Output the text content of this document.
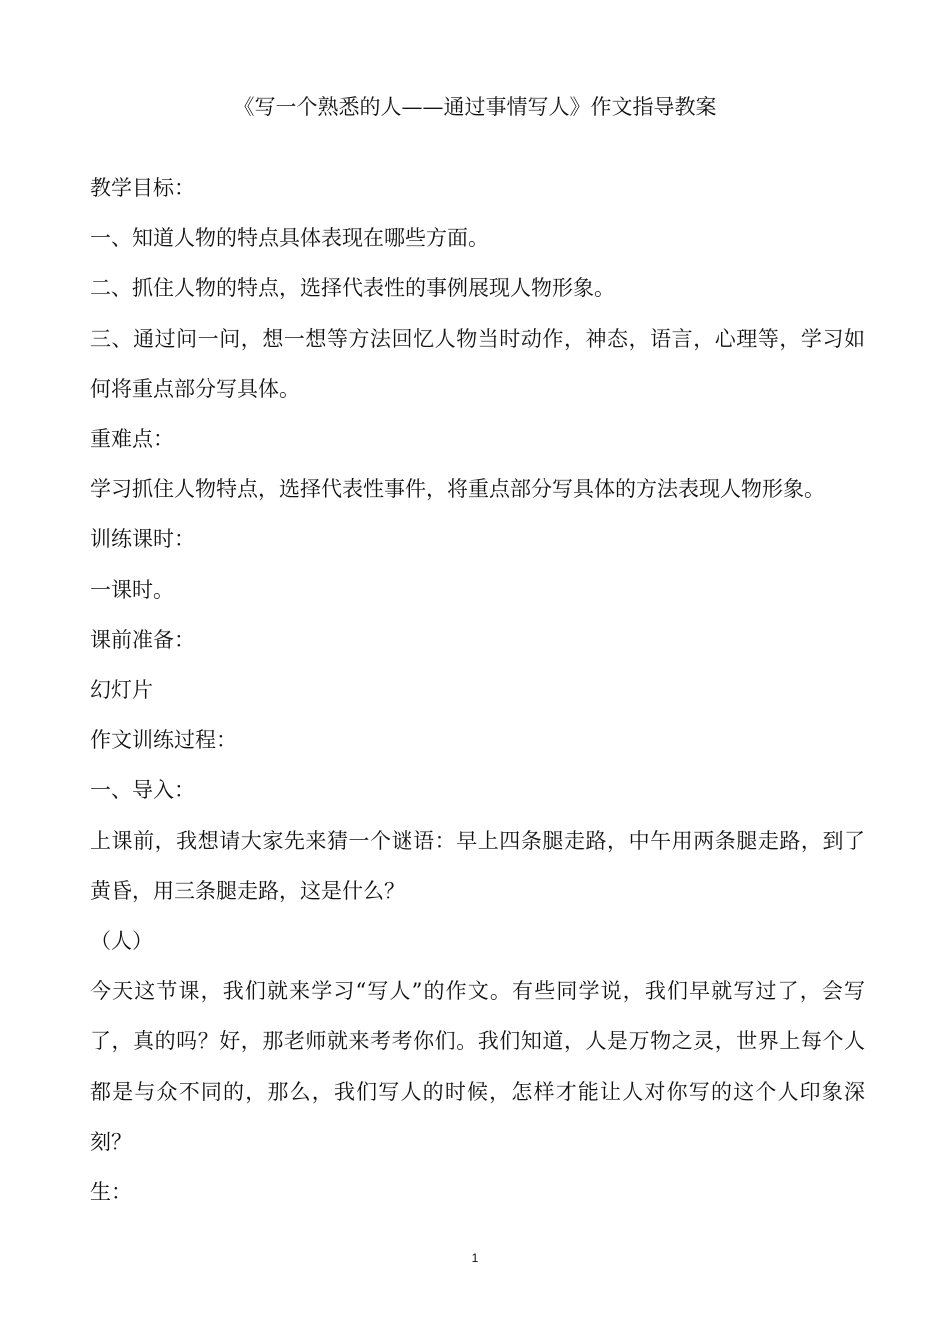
《写一个熟悉的人——通过事情写人》作文指导教案

教学目标：

一、知道人物的特点具体表现在哪些方面。

二、抓住人物的特点，选择代表性的事例展现人物形象。

三、通过问一问，想一想等方法回忆人物当时动作，神态，语言，心理等，学习如何将重点部分写具体。

重难点：

学习抓住人物特点，选择代表性事件，将重点部分写具体的方法表现人物形象。

训练课时：

一课时。

课前准备：

幻灯片

作文训练过程：

一、导入：

上课前，我想请大家先来猜一个谜语：早上四条腿走路，中午用两条腿走路，到了黄昏，用三条腿走路，这是什么？

（人）

今天这节课，我们就来学习“写人”的作文。有些同学说，我们早就写过了，会写了，真的吗？好，那老师就来考考你们。我们知道，人是万物之灵，世界上每个人都是与众不同的，那么，我们写人的时候，怎样才能让人对你写的这个人印象深刻？

生：

1
